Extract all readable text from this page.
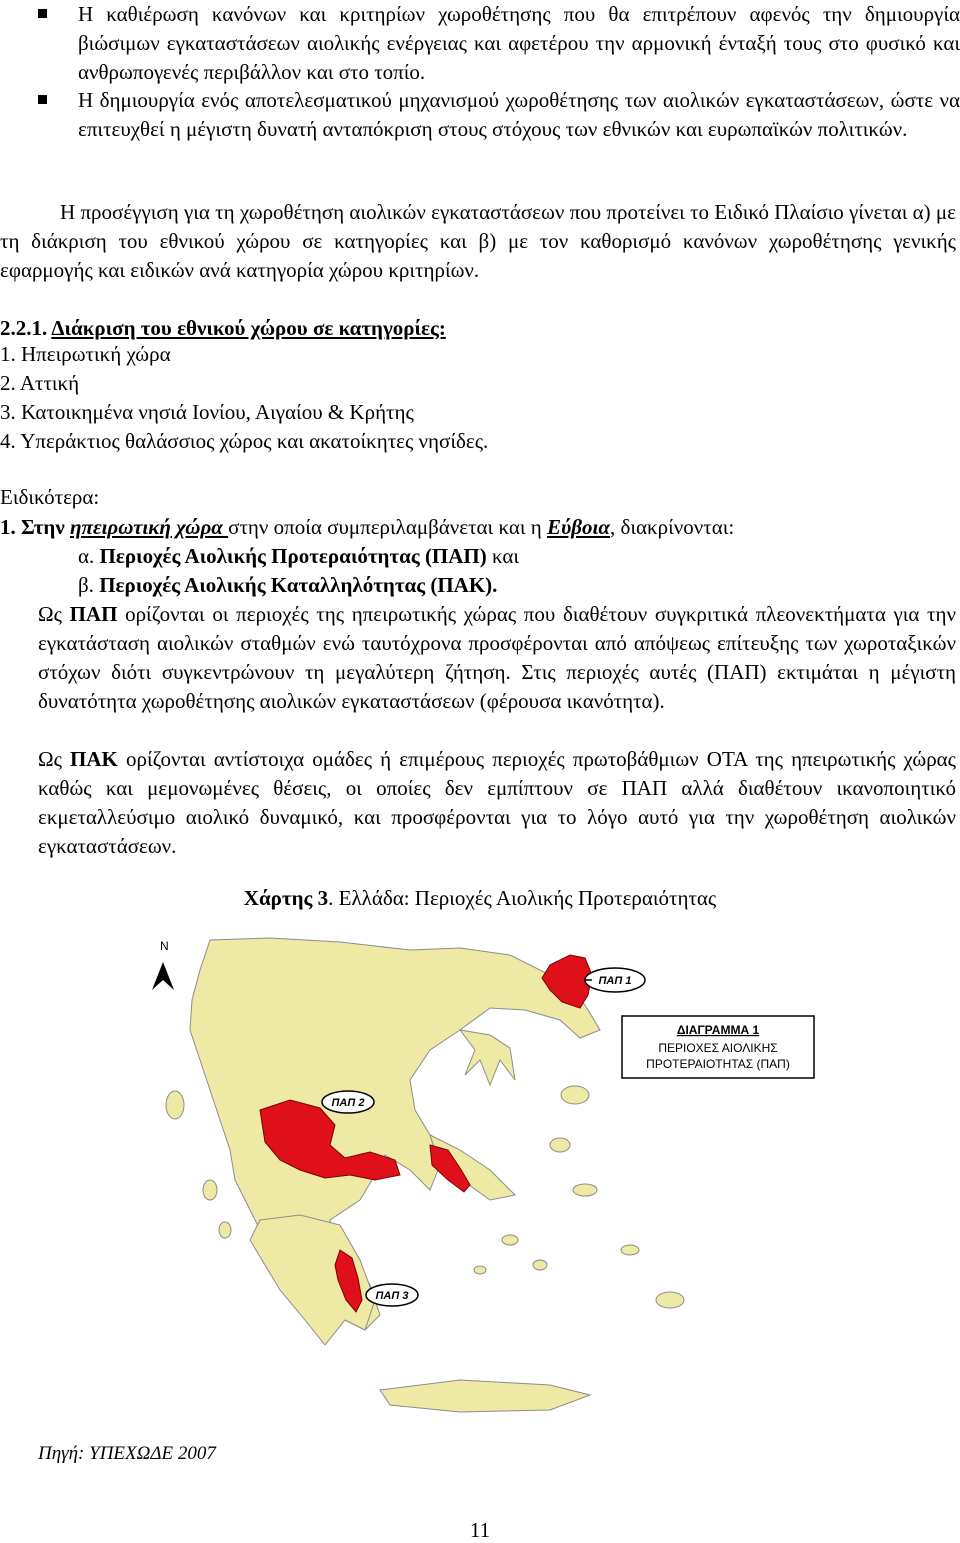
Η καθιέρωση κανόνων και κριτηρίων χωροθέτησης που θα επιτρέπουν αφενός την δημιουργία βιώσιμων εγκαταστάσεων αιολικής ενέργειας και αφετέρου την αρμονική ένταξή τους στο φυσικό και ανθρωπογενές περιβάλλον και στο τοπίο.
Η δημιουργία ενός αποτελεσματικού μηχανισμού χωροθέτησης των αιολικών εγκαταστάσεων, ώστε να επιτευχθεί η μέγιστη δυνατή ανταπόκριση στους στόχους των εθνικών και ευρωπαϊκών πολιτικών.
Η προσέγγιση για τη χωροθέτηση αιολικών εγκαταστάσεων που προτείνει το Ειδικό Πλαίσιο γίνεται α) με τη διάκριση του εθνικού χώρου σε κατηγορίες και β) με τον καθορισμό κανόνων χωροθέτησης γενικής εφαρμογής και ειδικών ανά κατηγορία χώρου κριτηρίων.
2.2.1. Διάκριση του εθνικού χώρου σε κατηγορίες:
1. Ηπειρωτική χώρα
2. Αττική
3. Κατοικημένα νησιά Ιονίου, Αιγαίου & Κρήτης
4. Υπεράκτιος θαλάσσιος χώρος και ακατοίκητες νησίδες.
Ειδικότερα:
1. Στην ηπειρωτική χώρα στην οποία συμπεριλαμβάνεται και η Εύβοια, διακρίνονται:
α. Περιοχές Αιολικής Προτεραιότητας (ΠΑΠ) και
β. Περιοχές Αιολικής Καταλληλότητας (ΠΑΚ).
Ως ΠΑΠ ορίζονται οι περιοχές της ηπειρωτικής χώρας που διαθέτουν συγκριτικά πλεονεκτήματα για την εγκατάσταση αιολικών σταθμών ενώ ταυτόχρονα προσφέρονται από απόψεως επίτευξης των χωροταξικών στόχων διότι συγκεντρώνουν τη μεγαλύτερη ζήτηση. Στις περιοχές αυτές (ΠΑΠ) εκτιμάται η μέγιστη δυνατότητα χωροθέτησης αιολικών εγκαταστάσεων (φέρουσα ικανότητα).
Ως ΠΑΚ ορίζονται αντίστοιχα ομάδες ή επιμέρους περιοχές πρωτοβάθμιων ΟΤΑ της ηπειρωτικής χώρας καθώς και μεμονωμένες θέσεις, οι οποίες δεν εμπίπτουν σε ΠΑΠ αλλά διαθέτουν ικανοποιητικό εκμεταλλεύσιμο αιολικό δυναμικό, και προσφέρονται για το λόγο αυτό για την χωροθέτηση αιολικών εγκαταστάσεων.
Χάρτης 3. Ελλάδα: Περιοχές Αιολικής Προτεραιότητας
N
ΠΑΠ 1
ΠΑΠ 2
ΠΑΠ 3
ΔΙΑΓΡΑΜΜΑ 1
ΠΕΡΙΟΧΕΣ ΑΙΟΛΙΚΗΣ
ΠΡΟΤΕΡΑΙΟΤΗΤΑΣ (ΠΑΠ)
Πηγή: ΥΠΕΧΩΔΕ 2007
11
